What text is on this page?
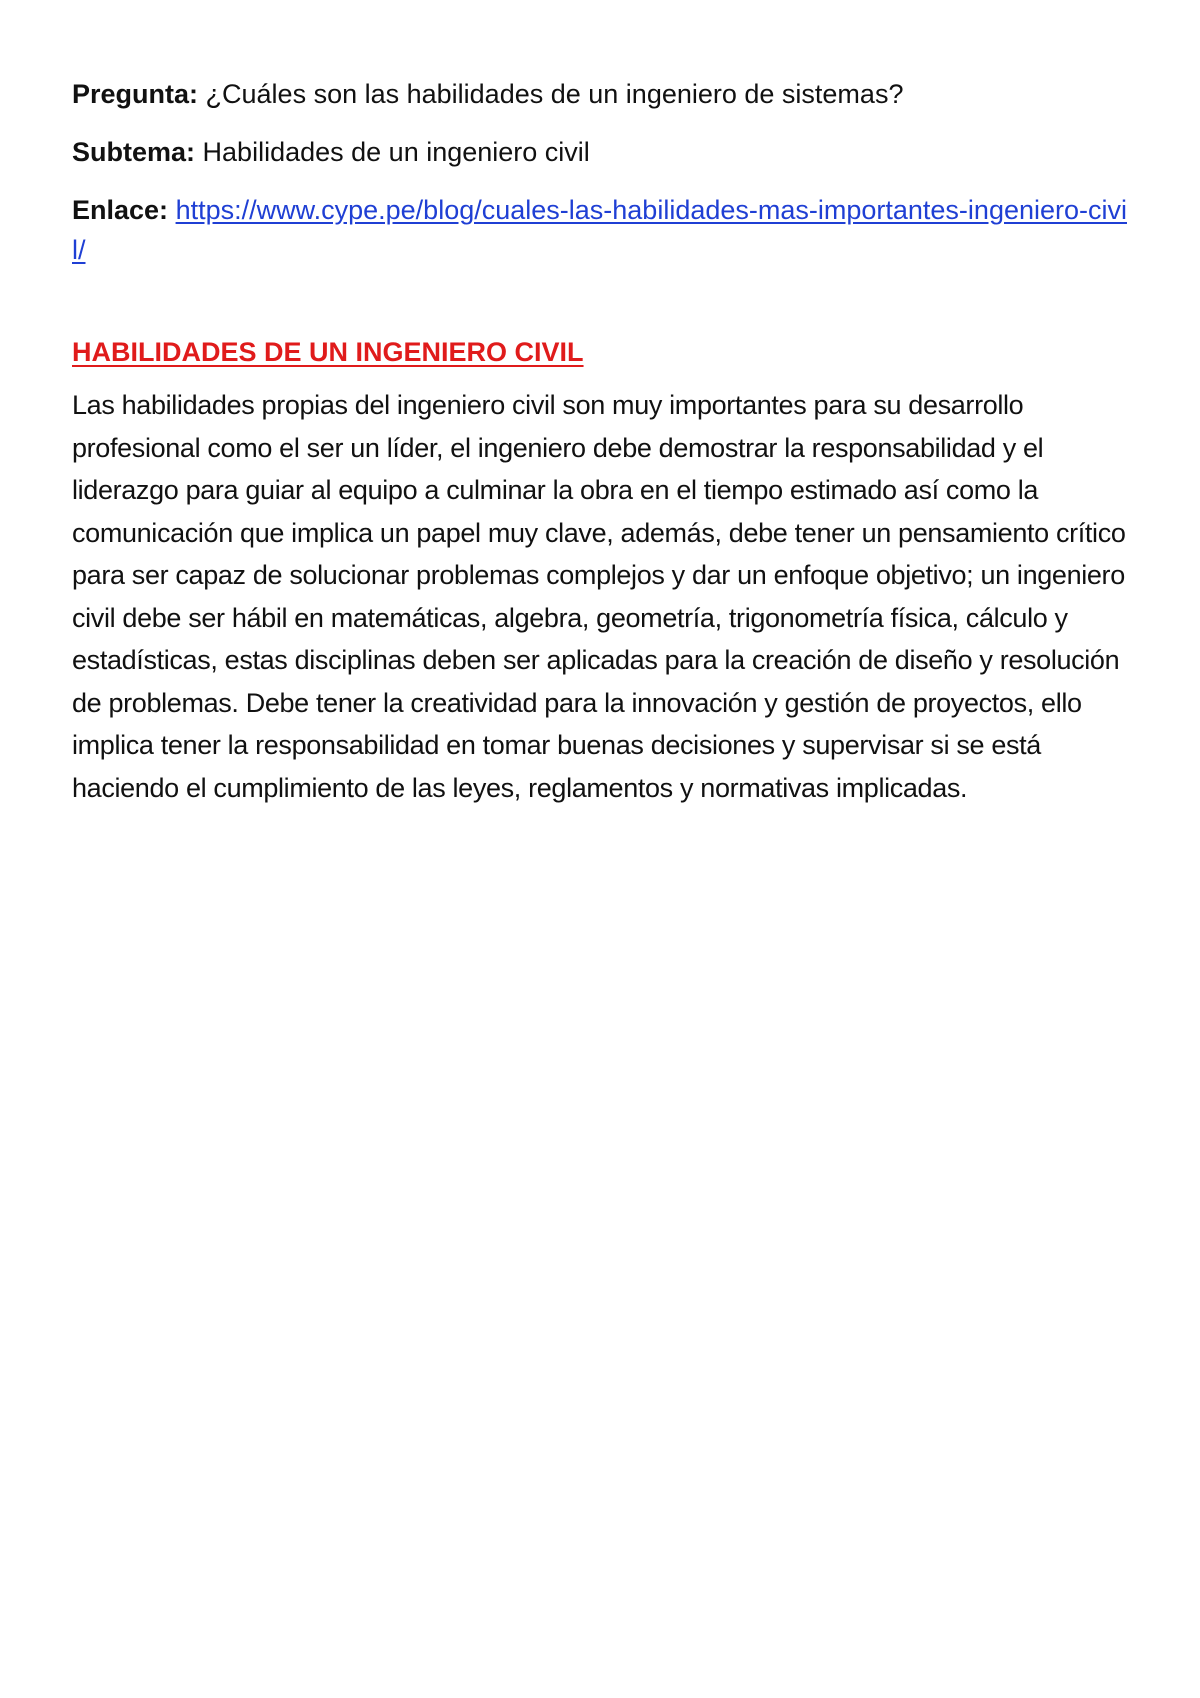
Pregunta: ¿Cuáles son las habilidades de un ingeniero de sistemas?

Subtema: Habilidades de un ingeniero civil

Enlace: https://www.cype.pe/blog/cuales-las-habilidades-mas-importantes-ingeniero-civil/

HABILIDADES DE UN INGENIERO CIVIL

Las habilidades propias del ingeniero civil son muy importantes para su desarrollo profesional como el ser un líder, el ingeniero debe demostrar la responsabilidad y el liderazgo para guiar al equipo a culminar la obra en el tiempo estimado así como la comunicación que implica un papel muy clave, además, debe tener un pensamiento crítico para ser capaz de solucionar problemas complejos y dar un enfoque objetivo; un ingeniero civil debe ser hábil en matemáticas, algebra, geometría, trigonometría física, cálculo y estadísticas, estas disciplinas deben ser aplicadas para la creación de diseño y resolución de problemas. Debe tener la creatividad para la innovación y gestión de proyectos, ello implica tener la responsabilidad en tomar buenas decisiones y supervisar si se está haciendo el cumplimiento de las leyes, reglamentos y normativas implicadas.
